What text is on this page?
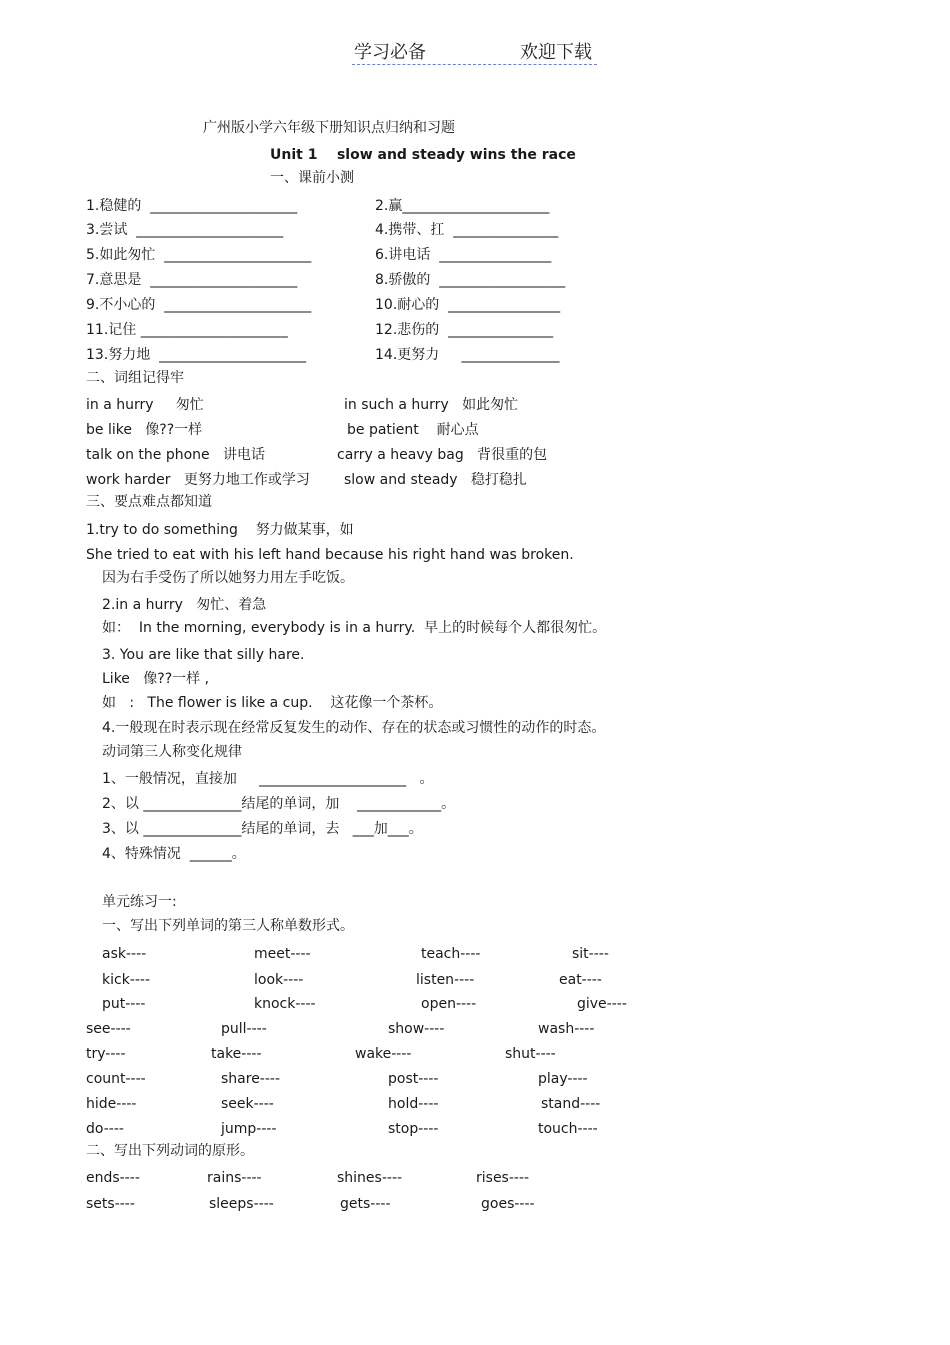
学习必备	欢迎下载
广州版小学六年级下册知识点归纳和习题
Unit 1    slow and steady wins the race
一、课前小测
1.稳健的  _____________________	2.赢_____________________
3.尝试  _____________________	4.携带、扛  _______________
5.如此匆忙  _____________________	6.讲电话  ________________
7.意思是  _____________________	8.骄傲的  __________________
9.不小心的  _____________________	10.耐心的  ________________
11.记住 _____________________	12.悲伤的  _______________
13.努力地  _____________________	14.更努力     ______________
二、词组记得牢
in a hurry     匆忙	in such a hurry   如此匆忙
be like   像??一样	be patient    耐心点
talk on the phone   讲电话	carry a heavy bag   背很重的包
work harder   更努力地工作或学习 slow and steady   稳打稳扎
三、要点难点都知道
1.try to do something    努力做某事，如
She tried to eat with his left hand because his right hand was broken.
因为右手受伤了所以她努力用左手吃饭。
2.in a hurry   匆忙、着急
如：  In the morning, everybody is in a hurry.  早上的时候每个人都很匆忙。
3. You are like that silly hare.
Like   像??一样 ,
如   :   The flower is like a cup.    这花像一个茶杯。
4.一般现在时表示现在经常反复发生的动作、存在的状态或习惯性的动作的时态。
动词第三人称变化规律
1、一般情况，直接加     _____________________   。
2、以 ______________结尾的单词，加    ____________。
3、以 ______________结尾的单词，去   ___加___。
4、特殊情况  ______。
单元练习一:
一、写出下列单词的第三人称单数形式。
ask----	meet----	teach----	sit----
kick----	look----	listen----	eat----
put----	knock----	open----	give----
see----	pull----	show----	wash----
try----	take----	wake----	shut----
count----	share----	post----	play----
hide----	seek----	hold----	stand----
do----	jump----	stop----	touch----
二、写出下列动词的原形。
ends----	rains----	shines----	rises----
sets----	sleeps----	gets----	goes----
